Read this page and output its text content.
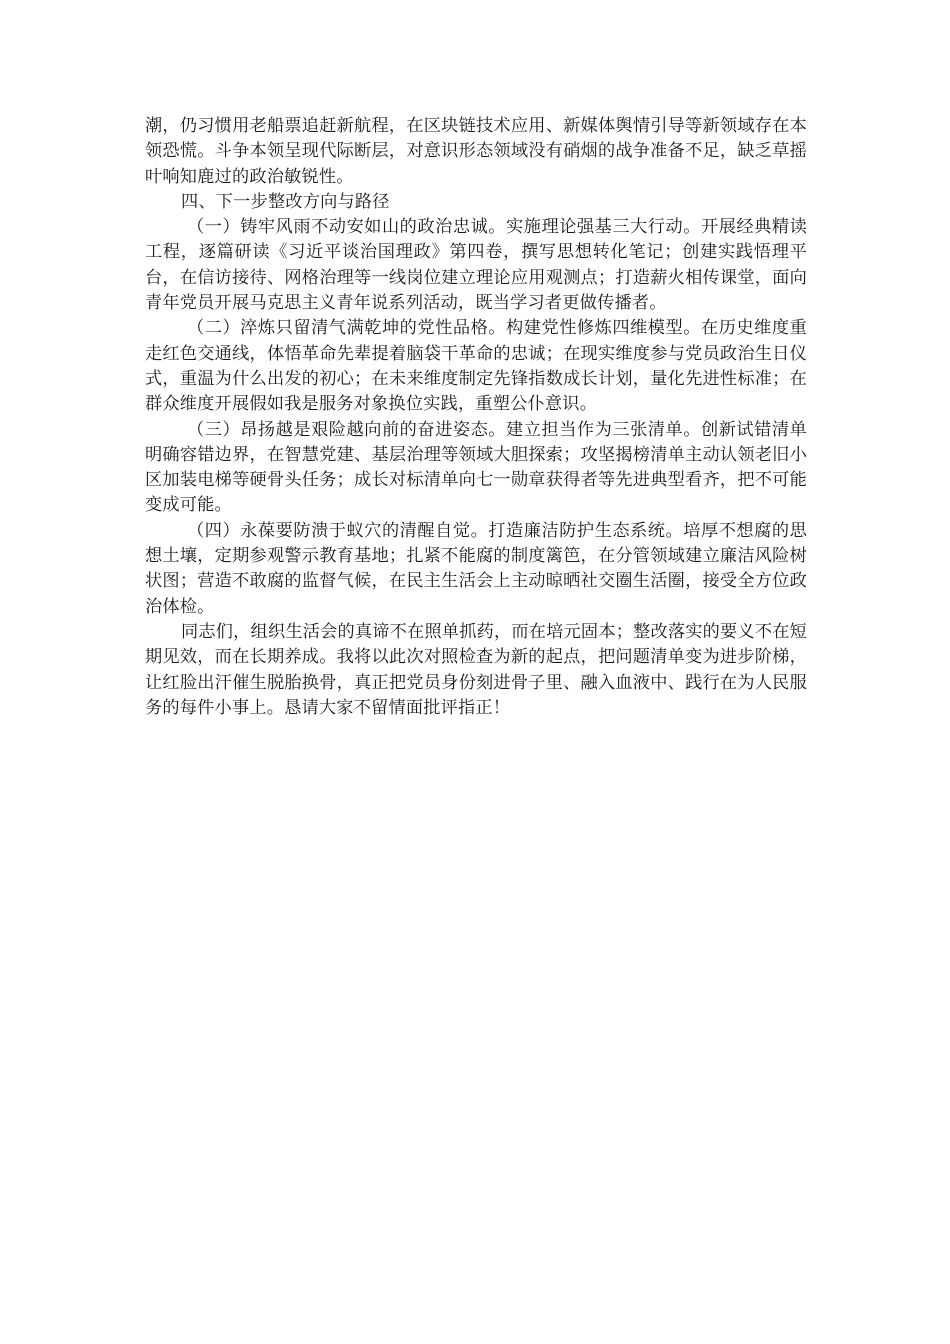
潮，仍习惯用老船票追赶新航程，在区块链技术应用、新媒体舆情引导等新领域存在本领恐慌。斗争本领呈现代际断层，对意识形态领域没有硝烟的战争准备不足，缺乏草摇叶响知鹿过的政治敏锐性。

四、下一步整改方向与路径

（一）铸牢风雨不动安如山的政治忠诚。实施理论强基三大行动。开展经典精读工程，逐篇研读《习近平谈治国理政》第四卷，撰写思想转化笔记；创建实践悟理平台，在信访接待、网格治理等一线岗位建立理论应用观测点；打造薪火相传课堂，面向青年党员开展马克思主义青年说系列活动，既当学习者更做传播者。

（二）淬炼只留清气满乾坤的党性品格。构建党性修炼四维模型。在历史维度重走红色交通线，体悟革命先辈提着脑袋干革命的忠诚；在现实维度参与党员政治生日仪式，重温为什么出发的初心；在未来维度制定先锋指数成长计划，量化先进性标准；在群众维度开展假如我是服务对象换位实践，重塑公仆意识。

（三）昂扬越是艰险越向前的奋进姿态。建立担当作为三张清单。创新试错清单明确容错边界，在智慧党建、基层治理等领域大胆探索；攻坚揭榜清单主动认领老旧小区加装电梯等硬骨头任务；成长对标清单向七一勋章获得者等先进典型看齐，把不可能变成可能。

（四）永葆要防溃于蚁穴的清醒自觉。打造廉洁防护生态系统。培厚不想腐的思想土壤，定期参观警示教育基地；扎紧不能腐的制度篱笆，在分管领域建立廉洁风险树状图；营造不敢腐的监督气候，在民主生活会上主动晾晒社交圈生活圈，接受全方位政治体检。

同志们，组织生活会的真谛不在照单抓药，而在培元固本；整改落实的要义不在短期见效，而在长期养成。我将以此次对照检查为新的起点，把问题清单变为进步阶梯，让红脸出汗催生脱胎换骨，真正把党员身份刻进骨子里、融入血液中、践行在为人民服务的每件小事上。恳请大家不留情面批评指正！
